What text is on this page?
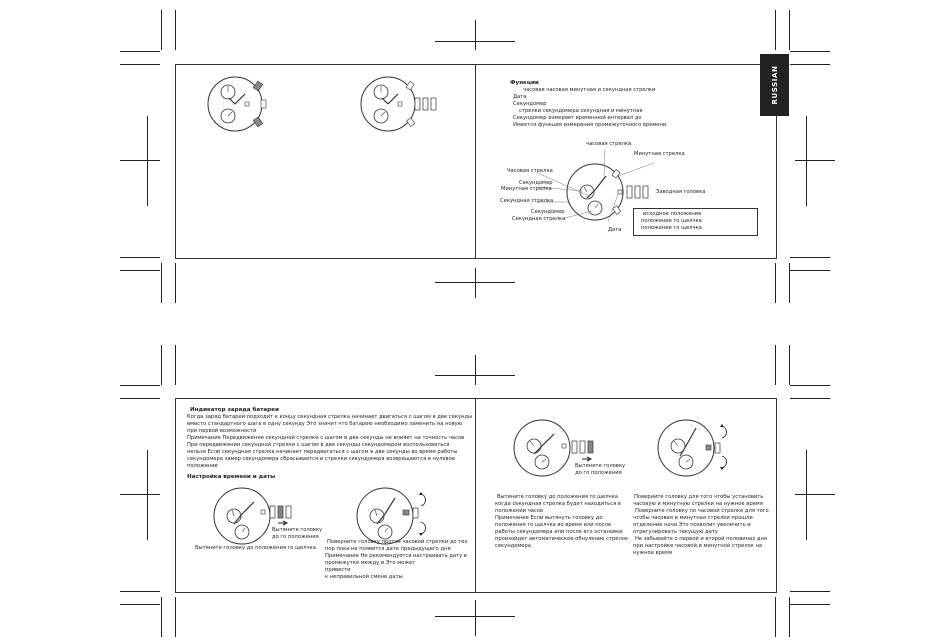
RUSSIAN
Функции
часовая часовая минутная и секундная стрелки
Дата
Секундомер
стрелки секундомера секундная и минутная
Секундомер измеряет временной интервал до
Имеется функция измерения промежуточного времени.
часовая стрелка
Минутная стрелка
Часовая стрелка
Секундомер
Минутная стрелка
Секундная стрелка
Секундомер
Секундная стрелка
Дата
Заводная головка
исходное положение
положение го щелчка
положение го щелчка
Индикатор заряда батареи
Когда заряд батареи подходит к концу секундная стрелка начинает двигаться с шагом в две секунды
вместо стандартного шага в одну секунду Это значит что батарею необходимо заменить на новую
при первой возможности
Примечание Передвижение секундной стрелки с шагом в две секунды не влияет на точность часов
При передвижении секундной стрелки с шагом в две секунды секундомером воспользоваться
нельзя Если секундная стрелка начинает передвигаться с шагом в две секунды во время работы
секундомера замер секундомера сбрасывается и стрелки секундомера возвращаются в нулевое
положение
Настройка времени и даты
Вытяните головку
до го положения
Вытяните головку до положения го щелчка
Поверните головку против часовой стрелки до тех
пор пока не появится дата предыдущего дня
Примечание Не рекомендуется настраивать дату в
промежутке между и Это может
привести
к неправильной смене даты
Вытяните головку
до го положения
Вытяните головку до положения го щелчка
когда секундная стрелка будет находиться в
положении часов
Примечание Если вытянуть головку до
положения го щелчка во время или после
работы секундомера или после его остановки
произойдет автоматическое обнуление стрелок
секундомера
Поверните головку для того чтобы установить
часовую и минутную стрелки на нужное время
Поверните головку по часовой стрелке для того
чтобы часовая и минутная стрелки прошли
отделение ночи Это позволит увеличить и
отрегулировать текущую дату
Не забывайте о первой и второй половинах дня
при настройке часовой и минутной стрелок на
нужное время
